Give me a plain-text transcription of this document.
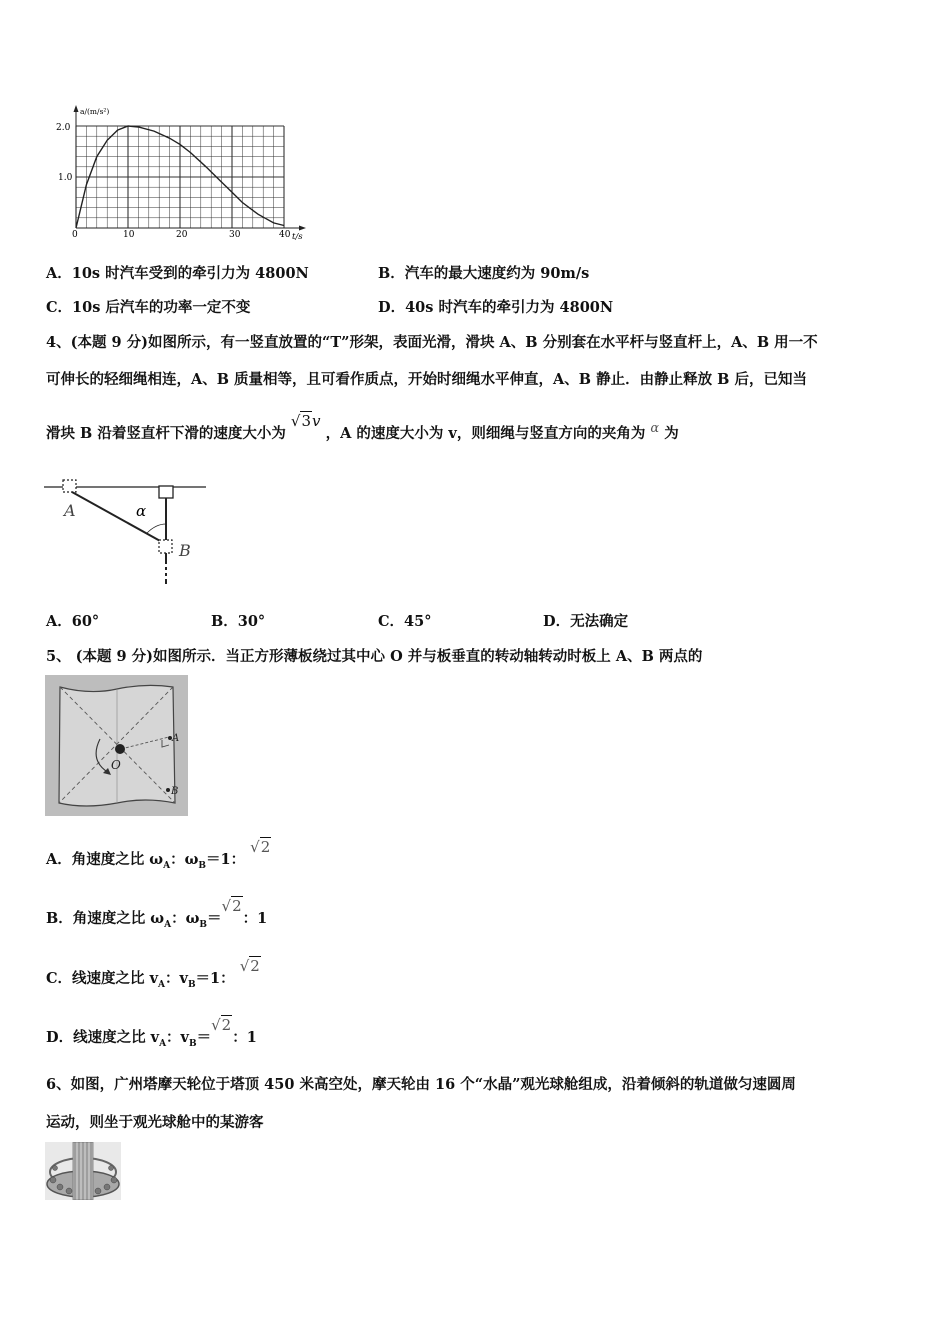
a/(m/s²)
t/s
2.0
1.0
0	10	20	30	40
A．10s 时汽车受到的牵引力为 4800N	B．汽车的最大速度约为 90m/s
C．10s 后汽车的功率一定不变	D．40s 时汽车的牵引力为 4800N
4、(本题 9 分)如图所示，有一竖直放置的“T”形架，表面光滑，滑块 A、B 分别套在水平杆与竖直杆上，A、B 用一不
可伸长的轻细绳相连，A、B 质量相等，且可看作质点，开始时细绳水平伸直，A、B 静止．由静止释放 B 后，已知当
滑块 B 沿着竖直杆下滑的速度大小为 √3v ，A 的速度大小为 v，则细绳与竖直方向的夹角为 α 为
α
A
B
A．60°	B．30°	C．45°	D．无法确定
5、 (本题 9 分)如图所示．当正方形薄板绕过其中心 O 并与板垂直的转动轴转动时板上 A、B 两点的
O
A
B
A．角速度之比 $\omega_A$：$\omega_B=1$： √2
B．角速度之比 $\omega_A$：$\omega_B=√2$：1
C．线速度之比 $v_A$：$v_B=1$： √2
D．线速度之比 $v_A$：$v_B=√2$：1
6、如图，广州塔摩天轮位于塔顶 450 米高空处，摩天轮由 16 个“水晶”观光球舱组成，沿着倾斜的轨道做匀速圆周
运动，则坐于观光球舱中的某游客
